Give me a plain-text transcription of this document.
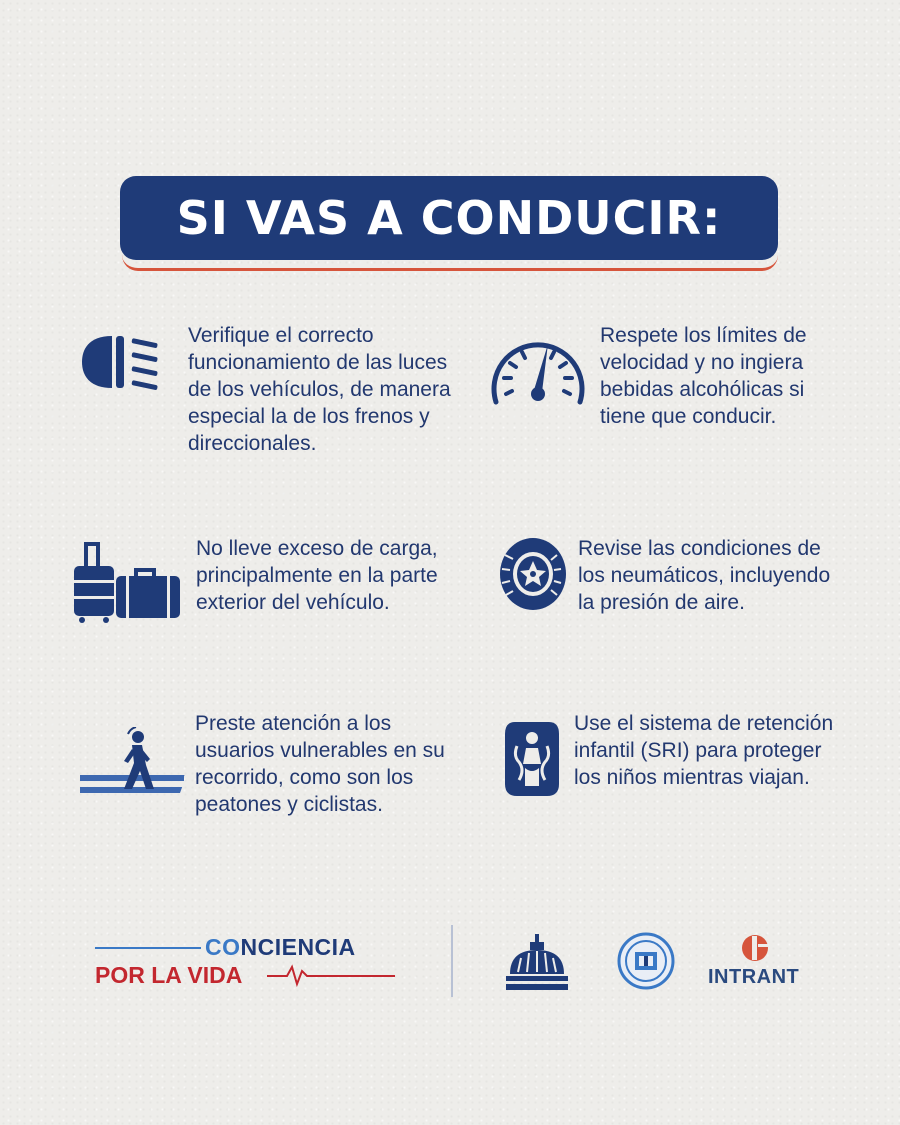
SI VAS A CONDUCIR:
Verifique el correcto funcionamiento de las luces de los vehículos, de manera especial la de los frenos y direccionales.
Respete los límites de velocidad y no ingiera bebidas alcohólicas si tiene que conducir.
No lleve exceso de carga, principalmente en la parte exterior del vehículo.
Revise las condiciones de los neumáticos, incluyendo la presión de aire.
Preste atención a los usuarios vulnerables en su recorrido, como son los peatones y ciclistas.
Use el sistema de retención infantil (SRI) para proteger los niños mientras viajan.
CONCIENCIA
POR LA VIDA	INTRANT
